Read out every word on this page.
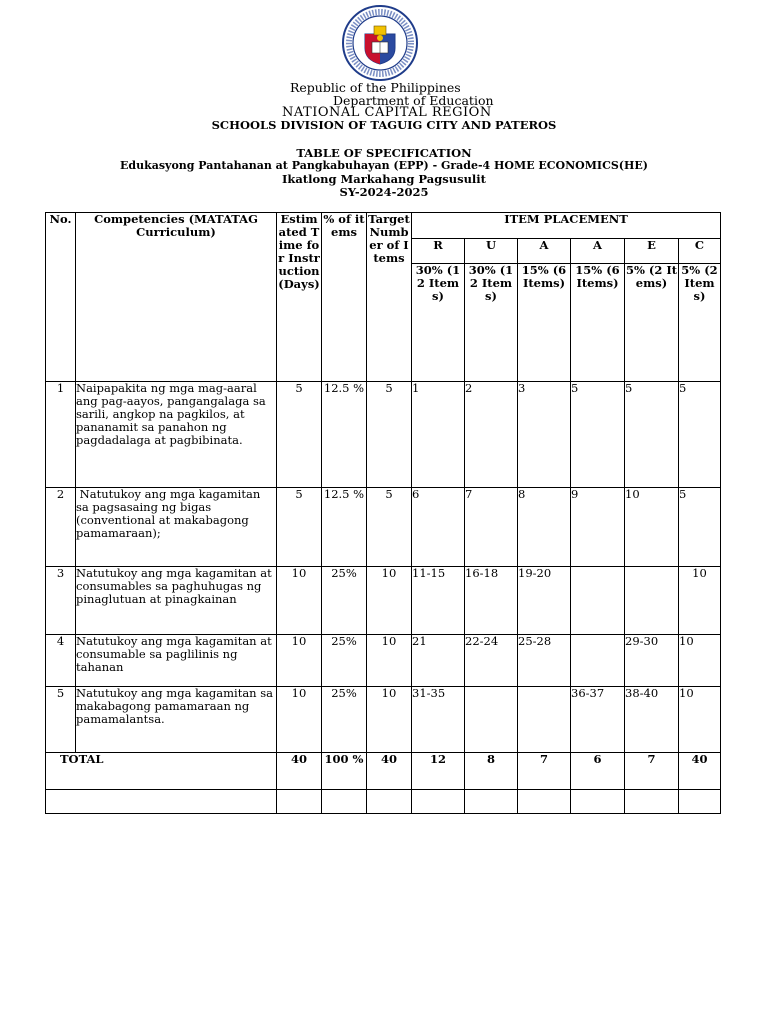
Republic of the Philippines
Department of Education
NATIONAL CAPITAL REGION
SCHOOLS DIVISION OF TAGUIG CITY AND PATEROS
TABLE OF SPECIFICATION
Edukasyong Pantahanan at Pangkabuhayan (EPP) - Grade-4 HOME ECONOMICS(HE)
Ikatlong Markahang Pagsusulit
SY-2024-2025
No.	Competencies (MATATAG Curriculum)	Estimated Time for Instruction (Days)	% of items	Target Number of Items	ITEM PLACEMENT					
					R	U	A	A	E	C
					30% (12 Items)	30% (12 Items)	15% (6 Items)	15% (6 Items)	5% (2 Items)	5% (2 Items)
1	Naipapakita ng mga mag-aaral ang pag-aayos, pangangalaga sa sarili, angkop na pagkilos, at pananamit sa panahon ng pagdadalaga at pagbibinata.	5	12.5 %	5	1	2	3	5	5	5
2	Natutukoy ang mga kagamitan sa pagsasaing ng bigas (conventional at makabagong pamamaraan);	5	12.5 %	5	6	7	8	9	10	5
3	Natutukoy ang mga kagamitan at consumables sa paghuhugas ng pinaglutuan at pinagkainan	10	25%	10	11-15	16-18	19-20			10
4	Natutukoy ang mga kagamitan at consumable sa paglilinis ng tahanan	10	25%	10	21	22-24	25-28		29-30	10
5	Natutukoy ang mga kagamitan sa makabagong pamamaraan ng pamamalantsa.	10	25%	10	31-35			36-37	38-40	10
TOTAL		40	100 %	40	12	8	7	6	7	40
